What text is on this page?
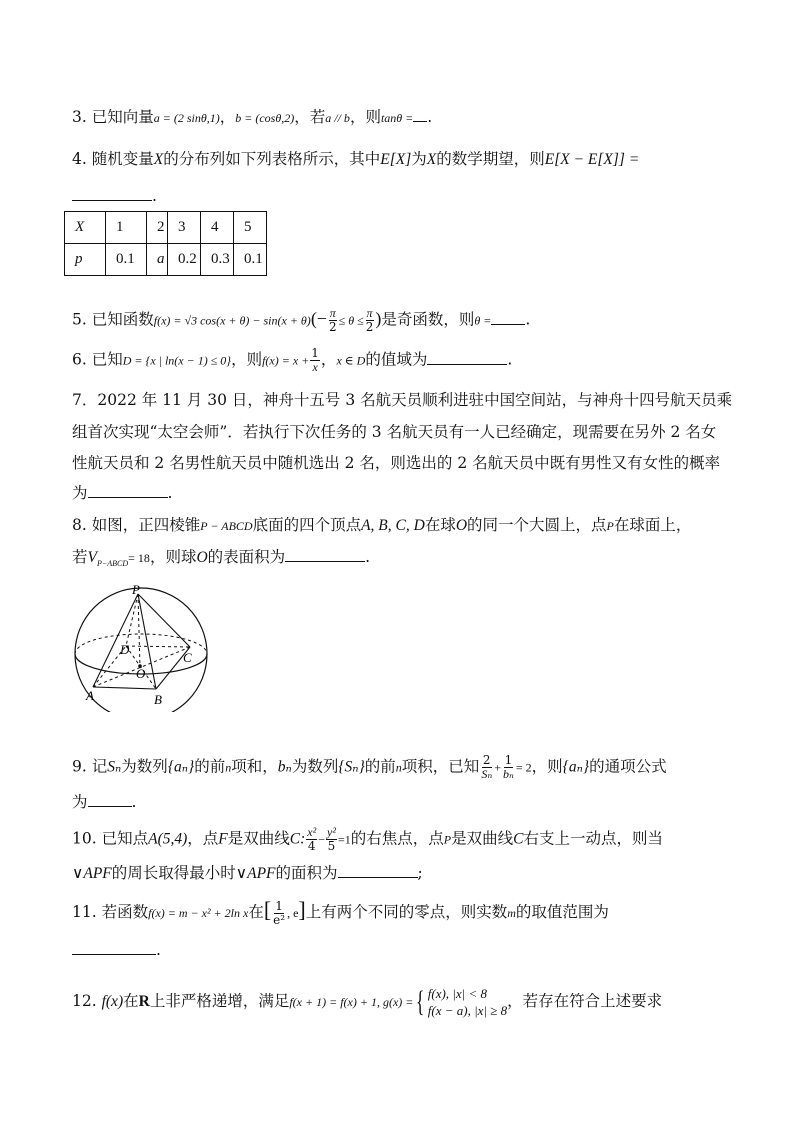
3. 已知向量a = (2 sinθ,1)，b = (cosθ,2)，若a // b，则tanθ = .
4. 随机变量X的分布列如下列表格所示，其中E[X]为X的数学期望，则E[X − E[X]] =
.
X	1	2	3	4	5
p	0.1	a	0.2	0.3	0.1
5. 已知函数f(x) = √3 $\cos(x + \theta) - \sin(x + \theta)(- \frac{\pi}{2} \le \theta \le \frac{\pi}{2}$ )是奇函数，则θ = .
6. 已知D = {x | ln(x − 1) ≤ 0}，则$f(x) = x + \frac{1}{x}$ ，x ∈ D的值域为	.
7．2022 年 11 月 30 日，神舟十五号 3 名航天员顺利进驻中国空间站，与神舟十四号航天员乘
组首次实现“太空会师”．若执行下次任务的 3 名航天员有一人已经确定，现需要在另外 2 名女
性航天员和 2 名男性航天员中随机选出 2 名，则选出的 2 名航天员中既有男性又有女性的概率
为	.
8. 如图，正四棱锥P − ABCD底面的四个顶点A, B, C, D在球O的同一个大圆上，点P在球面上，
若$V_{P-ABCD}= 18$，则球O的表面积为	.
P
D
C
O
A	B
9. 记Sₙ为数列{aₙ}的前n项和，bₙ为数列{Sₙ}的前n项积，已知 $\frac{2}{\text{Sₙ}} + \frac{1}{\text{bₙ}} = 2$，则{aₙ}的通项公式
为	.
10. 已知点A(5,4)，点F是双曲线C: $\frac{\text{x²}}{4} - \frac{\text{y²}}{5} =1$的右焦点，点P是双曲线C右支上一动点，则当
∨APF的周长取得最小时∨APF的面积为	;
11. 若函数f(x) = m − x² + 2ln x在[ $\frac{1}{\text{e²}}$ , e]上有两个不同的零点，则实数m的取值范围为
.
12. f(x)在R上非严格递增，满足f(x + 1) = f(x) + 1, g(x) ={ f(x), |x| < 8
f(x − a), |x| ≥ 8
，若存在符合上述要求
